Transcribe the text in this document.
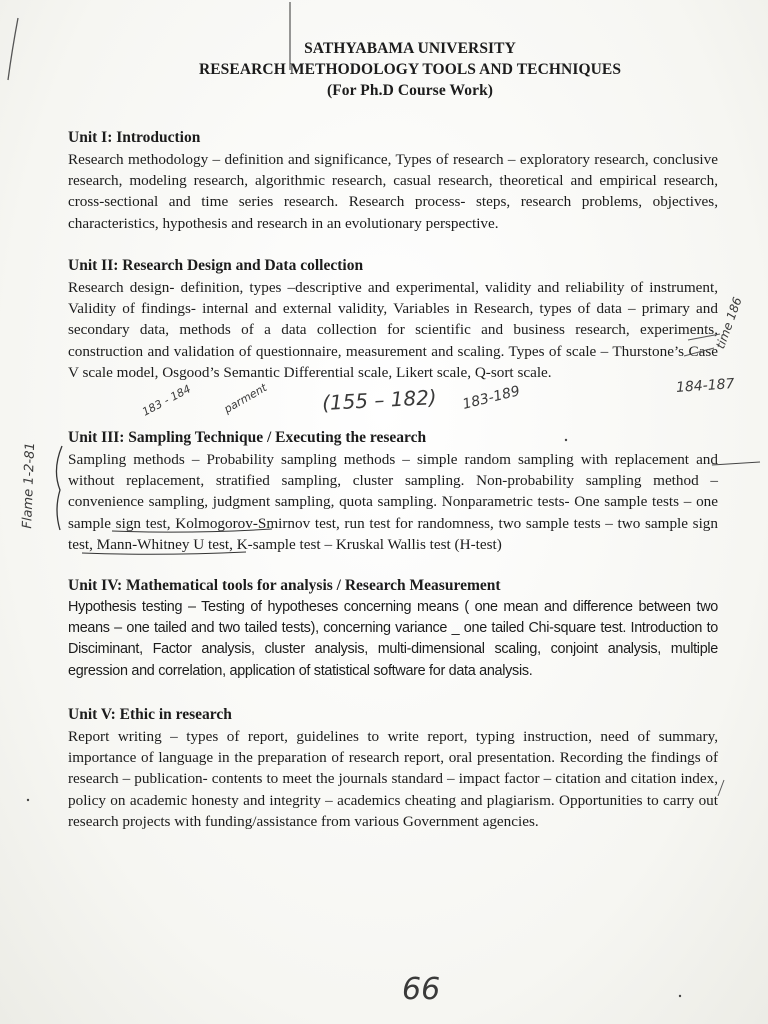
SATHYABAMA UNIVERSITY
RESEARCH METHODOLOGY TOOLS AND TECHNIQUES
(For Ph.D Course Work)
Unit I: Introduction

Research methodology – definition and significance, Types of research – exploratory research, conclusive research, modeling research, algorithmic research, casual research, theoretical and empirical research, cross-sectional and time series research. Research process- steps, research problems, objectives, characteristics, hypothesis and research in an evolutionary perspective.

Unit II: Research Design and Data collection

Research design- definition, types –descriptive and experimental, validity and reliability of instrument, Validity of findings- internal and external validity, Variables in Research, types of data – primary and secondary data, methods of a data collection for scientific and business research, experiments, construction and validation of questionnaire, measurement and scaling. Types of scale – Thurstone’s Case V scale model, Osgood’s Semantic Differential scale, Likert scale, Q-sort scale.

Unit III: Sampling Technique / Executing the research

Sampling methods – Probability sampling methods – simple random sampling with replacement and without replacement, stratified sampling, cluster sampling. Non-probability sampling method – convenience sampling, judgment sampling, quota sampling. Nonparametric tests- One sample tests – one sample sign test, Kolmogorov-Smirnov test, run test for randomness, two sample tests – two sample sign test, Mann-Whitney U test, K-sample test – Kruskal Wallis test (H-test)

Unit IV: Mathematical tools for analysis / Research Measurement

Hypothesis testing – Testing of hypotheses concerning means ( one mean and difference between two means – one tailed and two tailed tests), concerning variance _ one tailed Chi-square test. Introduction to Disciminant, Factor analysis, cluster analysis, multi-dimensional scaling, conjoint analysis, multiple egression and correlation, application of statistical software for data analysis.

Unit V: Ethic in research

Report writing – types of report, guidelines to write report, typing instruction, need of summary, importance of language in the preparation of research report, oral presentation. Recording the findings of research – publication- contents to meet the journals standard – impact factor – citation and citation index, policy on academic honesty and integrity – academics cheating and plagiarism. Opportunities to carry out research projects with funding/assistance from various Government agencies.

(155 – 182) 183-189	184-187
183 - 184	parment
time 186
Flame 1-2-81
66
